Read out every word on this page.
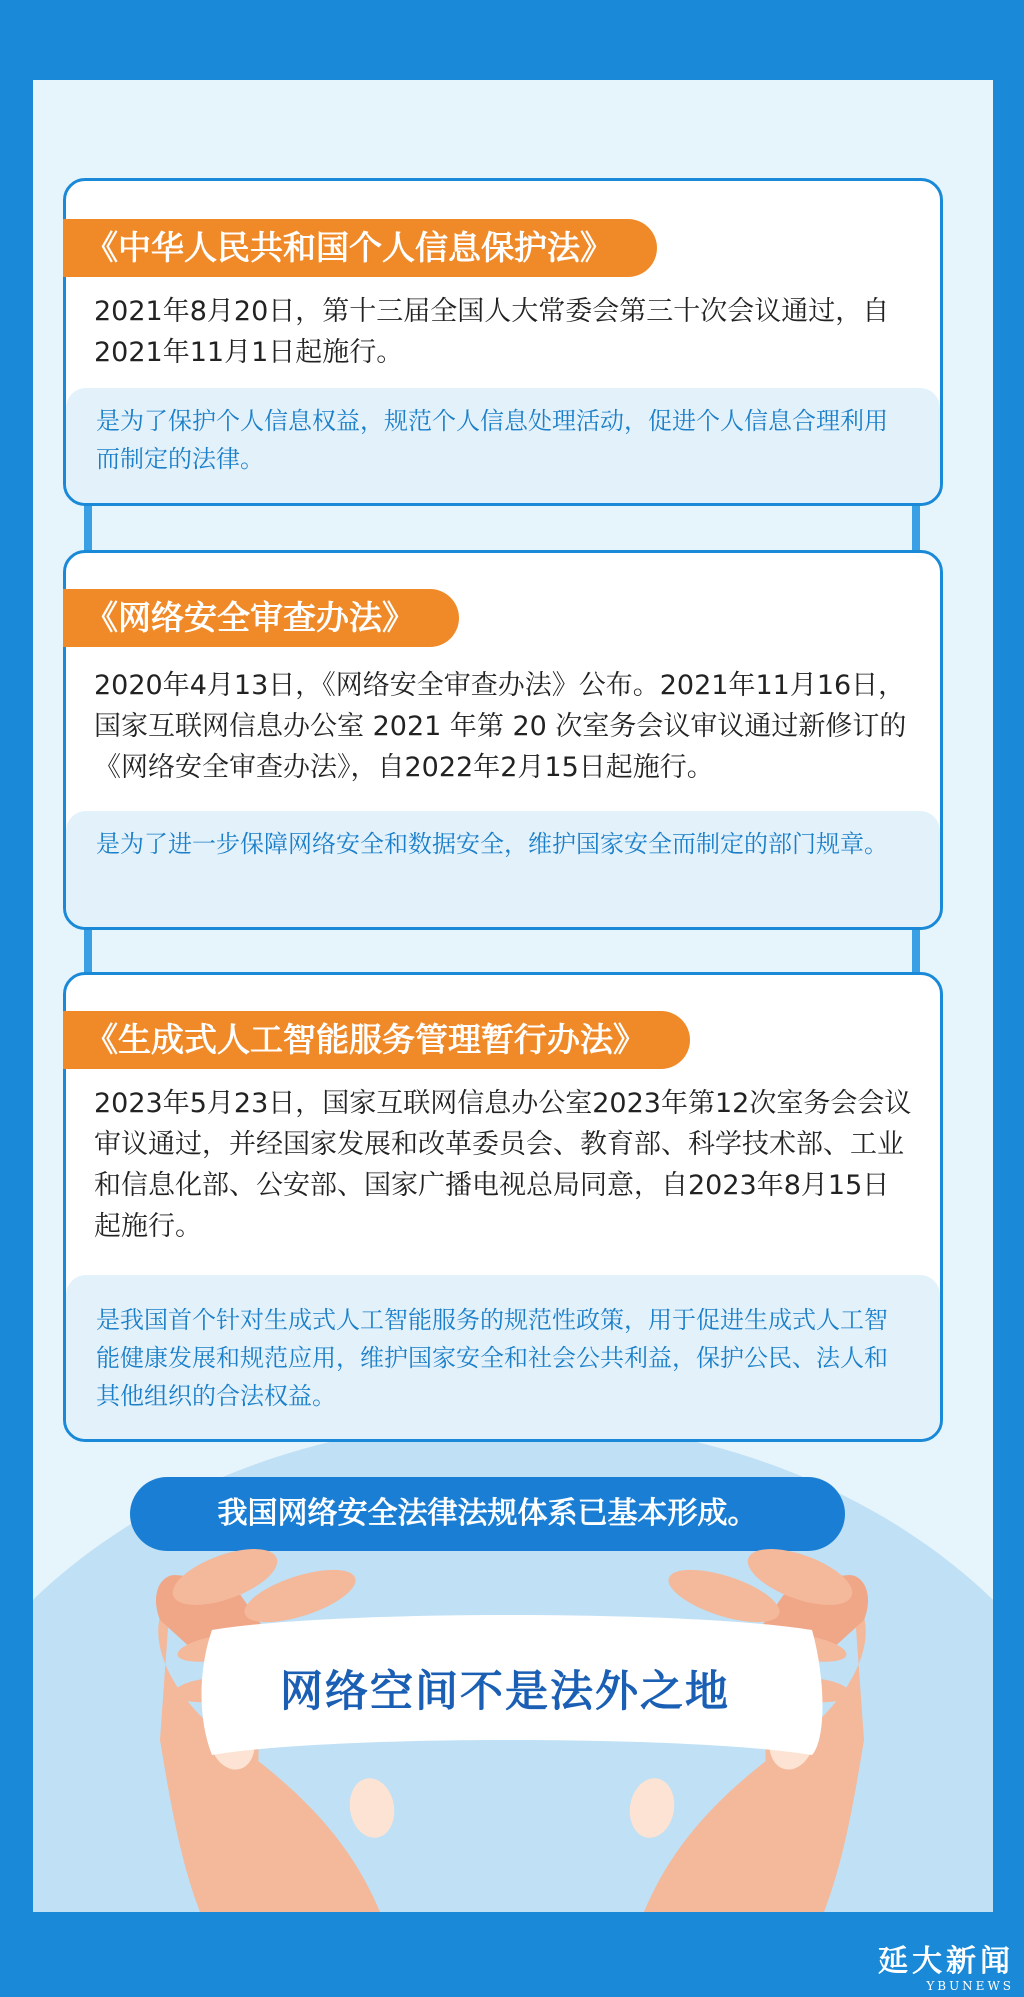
《中华人民共和国个人信息保护法》
2021年8月20日，第十三届全国人大常委会第三十次会议通过，自2021年11月1日起施行。
是为了保护个人信息权益，规范个人信息处理活动，促进个人信息合理利用而制定的法律。
《网络安全审查办法》
2020年4月13日，《网络安全审查办法》公布。2021年11月16日，国家互联网信息办公室 2021 年第 20 次室务会议审议通过新修订的《网络安全审查办法》，自2022年2月15日起施行。
是为了进一步保障网络安全和数据安全，维护国家安全而制定的部门规章。
《生成式人工智能服务管理暂行办法》
2023年5月23日，国家互联网信息办公室2023年第12次室务会会议审议通过，并经国家发展和改革委员会、教育部、科学技术部、工业和信息化部、公安部、国家广播电视总局同意，自2023年8月15日起施行。
是我国首个针对生成式人工智能服务的规范性政策，用于促进生成式人工智能健康发展和规范应用，维护国家安全和社会公共利益，保护公民、法人和其他组织的合法权益。
我国网络安全法律法规体系已基本形成。
网络空间不是法外之地
延大新闻
YBUNEWS
